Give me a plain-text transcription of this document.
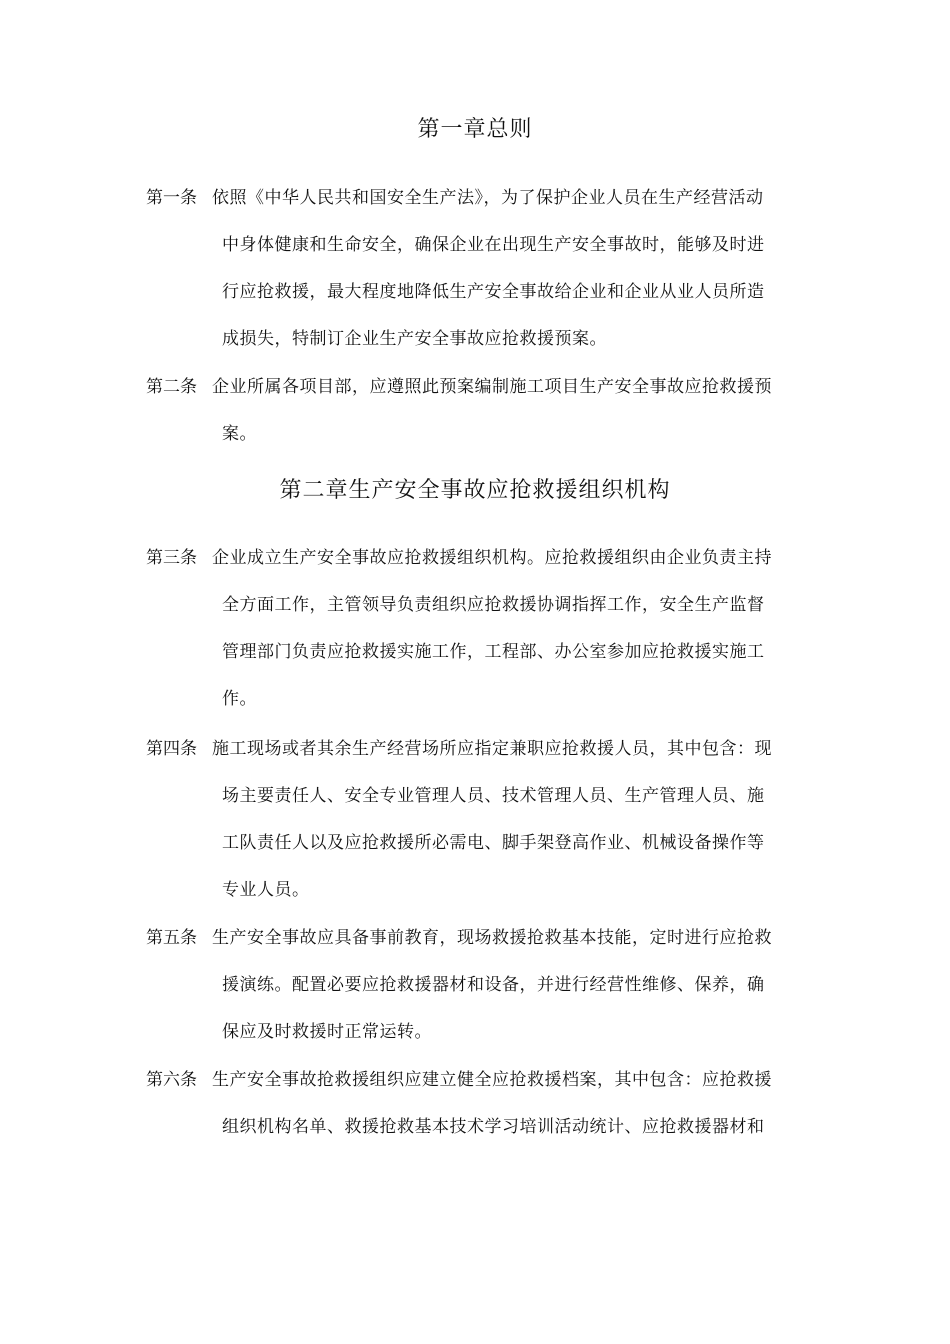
第一章总则
第一条 依照《中华人民共和国安全生产法》，为了保护企业人员在生产经营活动
中身体健康和生命安全，确保企业在出现生产安全事故时，能够及时进
行应抢救援，最大程度地降低生产安全事故给企业和企业从业人员所造
成损失，特制订企业生产安全事故应抢救援预案。
第二条 企业所属各项目部，应遵照此预案编制施工项目生产安全事故应抢救援预
案。
第二章生产安全事故应抢救援组织机构
第三条 企业成立生产安全事故应抢救援组织机构。应抢救援组织由企业负责主持
全方面工作，主管领导负责组织应抢救援协调指挥工作，安全生产监督
管理部门负责应抢救援实施工作，工程部、办公室参加应抢救援实施工
作。
第四条 施工现场或者其余生产经营场所应指定兼职应抢救援人员，其中包含：现
场主要责任人、安全专业管理人员、技术管理人员、生产管理人员、施
工队责任人以及应抢救援所必需电、脚手架登高作业、机械设备操作等
专业人员。
第五条 生产安全事故应具备事前教育，现场救援抢救基本技能，定时进行应抢救
援演练。配置必要应抢救援器材和设备，并进行经营性维修、保养，确
保应及时救援时正常运转。
第六条 生产安全事故抢救援组织应建立健全应抢救援档案，其中包含：应抢救援
组织机构名单、救援抢救基本技术学习培训活动统计、应抢救援器材和
